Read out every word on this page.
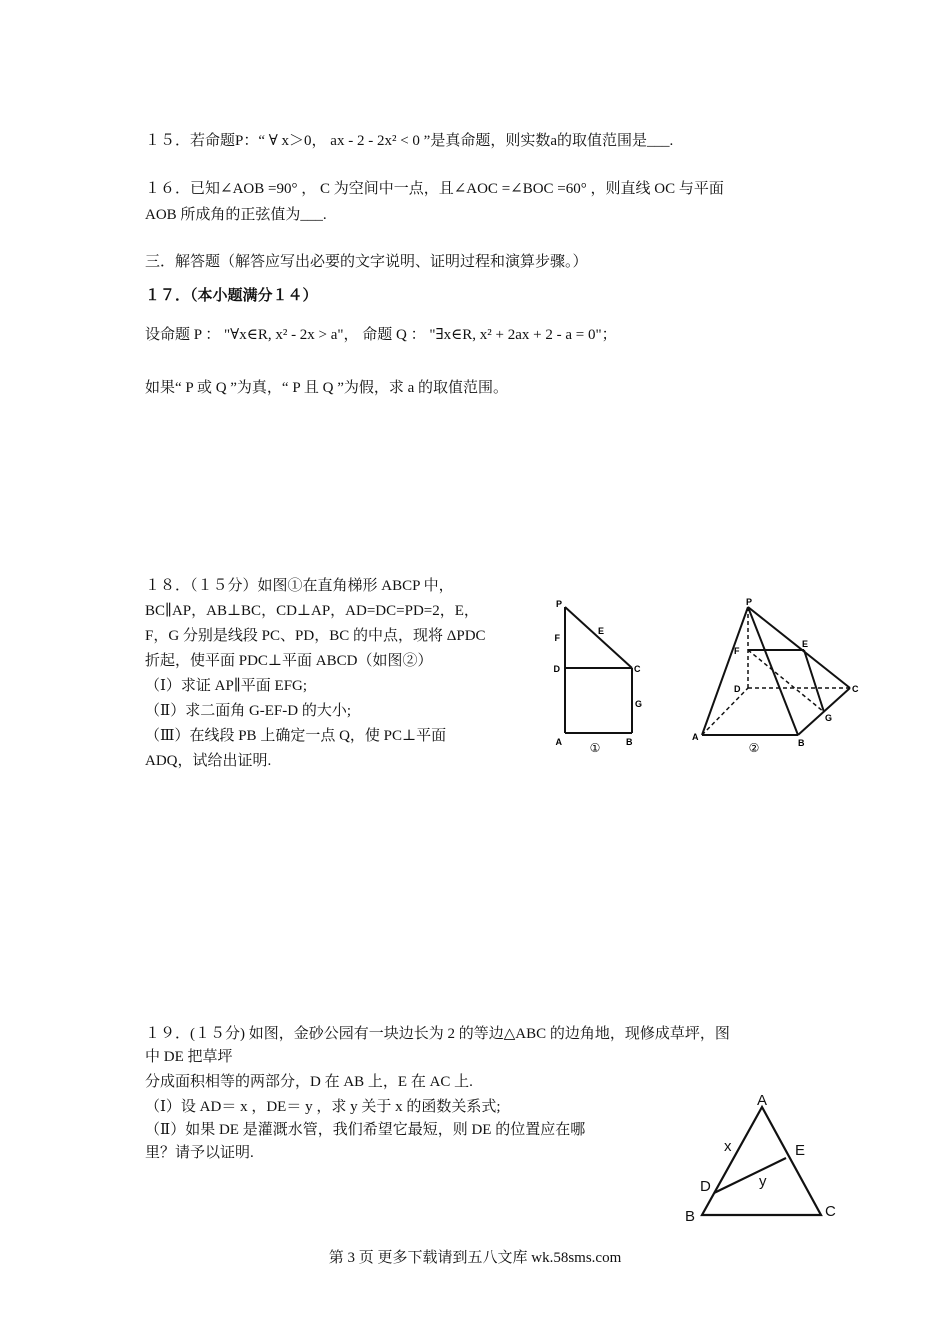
１５．若命题P：“ ∀ x＞0， ax - 2 - 2x² < 0 ”是真命题，则实数a的取值范围是___.
１６．已知∠AOB =90° ， C 为空间中一点，且∠AOC =∠BOC =60° ，则直线 OC 与平面
AOB 所成角的正弦值为___.
三．解答题（解答应写出必要的文字说明、证明过程和演算步骤。）
１７．（本小题满分１４）
设命题 P ： "∀x∈R, x² - 2x > a"， 命题 Q ： "∃x∈R, x² + 2ax + 2 - a = 0"；
如果“ P 或 Q ”为真，“ P 且 Q ”为假，求 a 的取值范围。
１８．（１５分）如图①在直角梯形 ABCP 中，
BC∥AP，AB⊥BC，CD⊥AP，AD=DC=PD=2，E，
F，G 分别是线段 PC、PD，BC 的中点，现将 ΔPDC
折起，使平面 PDC⊥平面 ABCD（如图②）
（Ⅰ）求证 AP∥平面 EFG;
（Ⅱ）求二面角 G-EF-D 的大小;
（Ⅲ）在线段 PB 上确定一点 Q，使 PC⊥平面
ADQ，试给出证明.
P
F
E
D	C
G
A	B
①
P
F
E
D	C
G
A
B
②
１９．(１５分) 如图，金砂公园有一块边长为 2 的等边△ABC 的边角地，现修成草坪，图
中 DE 把草坪
分成面积相等的两部分，D 在 AB 上，E 在 AC 上.
（Ⅰ）设 AD＝ x ，DE＝ y ，求 y 关于 x 的函数关系式;
（Ⅱ）如果 DE 是灌溉水管，我们希望它最短，则 DE 的位置应在哪
里？请予以证明.
A
B	C
D
E
x
y
第 3 页 更多下载请到五八文库 wk.58sms.com
